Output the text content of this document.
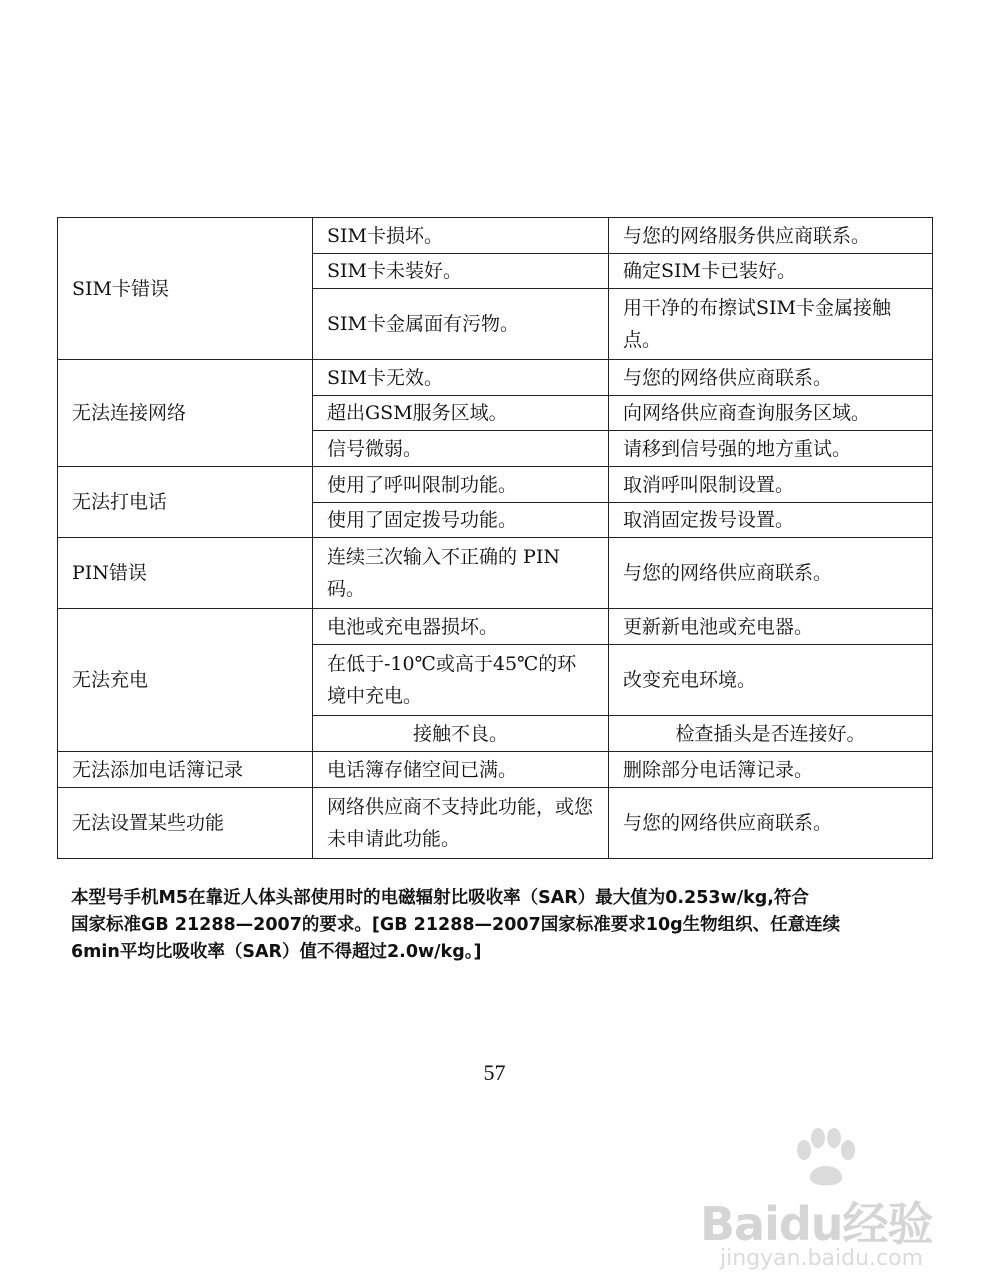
SIM卡错误	SIM卡损坏。	与您的网络服务供应商联系。
	SIM卡未装好。	确定SIM卡已装好。
	SIM卡金属面有污物。	用干净的布擦试SIM卡金属接触点。
无法连接网络	SIM卡无效。	与您的网络供应商联系。
	超出GSM服务区域。	向网络供应商查询服务区域。
	信号微弱。	请移到信号强的地方重试。
无法打电话	使用了呼叫限制功能。	取消呼叫限制设置。
	使用了固定拨号功能。	取消固定拨号设置。
PIN错误	连续三次输入不正确的 PIN码。	与您的网络供应商联系。
无法充电	电池或充电器损坏。	更新新电池或充电器。
	在低于-10℃或高于45℃的环境中充电。	改变充电环境。
	接触不良。	检查插头是否连接好。
无法添加电话簿记录	电话簿存储空间已满。	删除部分电话簿记录。
无法设置某些功能	网络供应商不支持此功能，或您未申请此功能。	与您的网络供应商联系。

本型号手机M5在靠近人体头部使用时的电磁辐射比吸收率（SAR）最大值为0.253w/kg,符合

国家标准GB 21288—2007的要求。[GB 21288—2007国家标准要求10g生物组织、任意连续

6min平均比吸收率（SAR）值不得超过2.0w/kg。]

57
Baidu经验
jingyan.baidu.com
